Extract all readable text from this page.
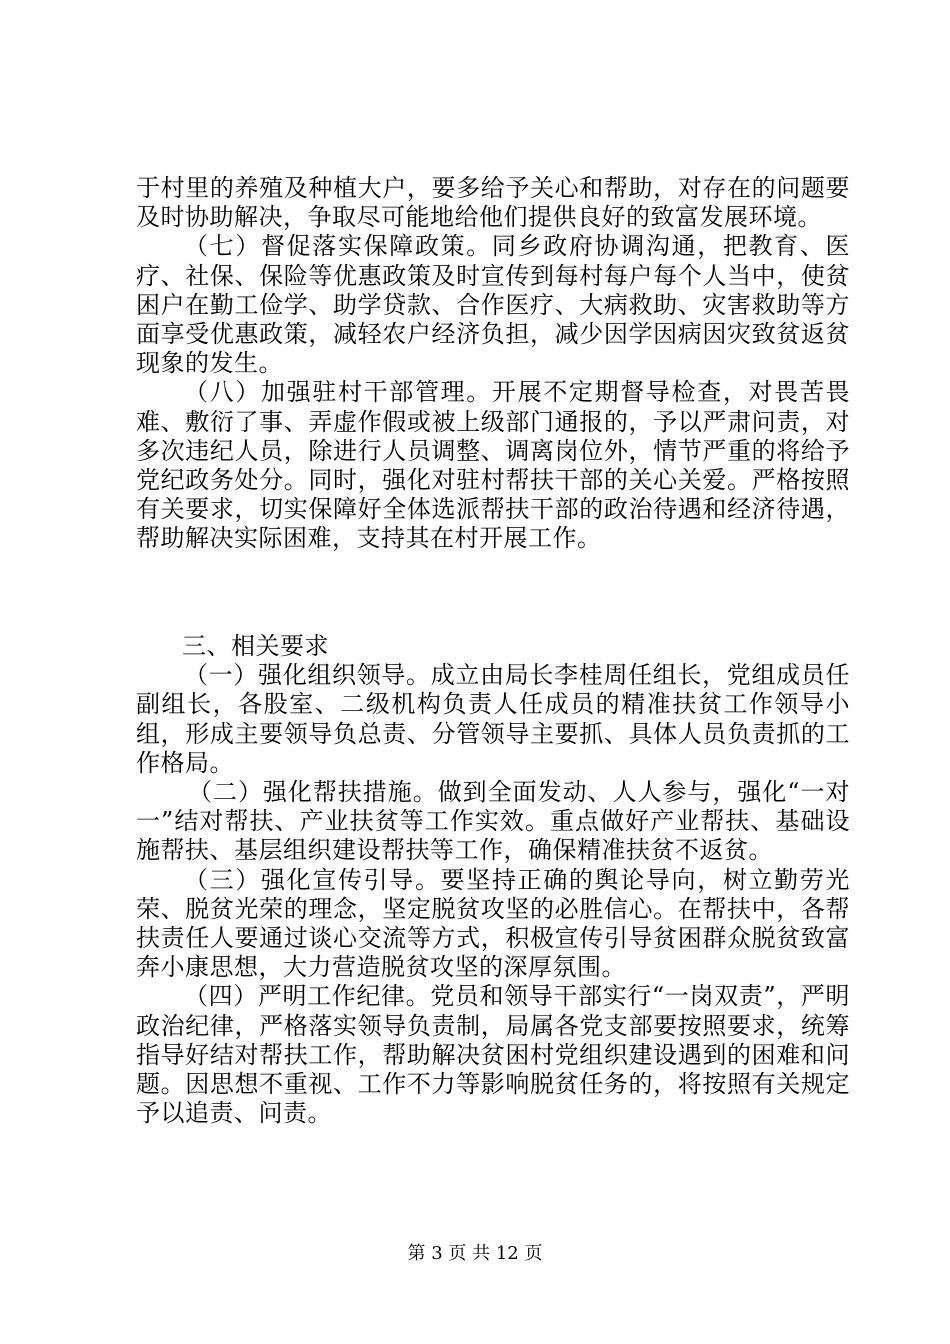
于村里的养殖及种植大户，要多给予关心和帮助，对存在的问题要及时协助解决，争取尽可能地给他们提供良好的致富发展环境。

（七）督促落实保障政策。同乡政府协调沟通，把教育、医疗、社保、保险等优惠政策及时宣传到每村每户每个人当中，使贫困户在勤工俭学、助学贷款、合作医疗、大病救助、灾害救助等方面享受优惠政策，减轻农户经济负担，减少因学因病因灾致贫返贫现象的发生。

（八）加强驻村干部管理。开展不定期督导检查，对畏苦畏难、敷衍了事、弄虚作假或被上级部门通报的，予以严肃问责，对多次违纪人员，除进行人员调整、调离岗位外，情节严重的将给予党纪政务处分。同时，强化对驻村帮扶干部的关心关爱。严格按照有关要求，切实保障好全体选派帮扶干部的政治待遇和经济待遇，帮助解决实际困难，支持其在村开展工作。

三、相关要求

（一）强化组织领导。成立由局长李桂周任组长，党组成员任副组长，各股室、二级机构负责人任成员的精准扶贫工作领导小组，形成主要领导负总责、分管领导主要抓、具体人员负责抓的工作格局。

（二）强化帮扶措施。做到全面发动、人人参与，强化“一对一”结对帮扶、产业扶贫等工作实效。重点做好产业帮扶、基础设施帮扶、基层组织建设帮扶等工作，确保精准扶贫不返贫。

（三）强化宣传引导。要坚持正确的舆论导向，树立勤劳光荣、脱贫光荣的理念，坚定脱贫攻坚的必胜信心。在帮扶中，各帮扶责任人要通过谈心交流等方式，积极宣传引导贫困群众脱贫致富奔小康思想，大力营造脱贫攻坚的深厚氛围。

（四）严明工作纪律。党员和领导干部实行“一岗双责”，严明政治纪律，严格落实领导负责制，局属各党支部要按照要求，统筹指导好结对帮扶工作，帮助解决贫困村党组织建设遇到的困难和问题。因思想不重视、工作不力等影响脱贫任务的，将按照有关规定予以追责、问责。

第 3 页 共 12 页
